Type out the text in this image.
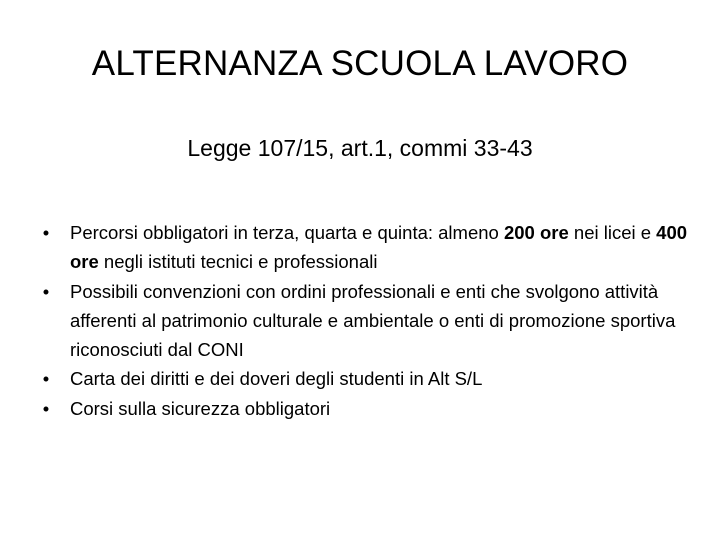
ALTERNANZA SCUOLA LAVORO
Legge 107/15, art.1, commi 33-43
•	Percorsi obbligatori in terza, quarta e quinta: almeno 200 ore nei licei e 400 ore negli istituti tecnici e professionali
•	Possibili convenzioni con ordini professionali e enti che svolgono attività afferenti al patrimonio culturale e ambientale o enti di promozione sportiva riconosciuti dal CONI
•	Carta dei diritti e dei doveri degli studenti in Alt S/L
•	Corsi sulla sicurezza obbligatori
